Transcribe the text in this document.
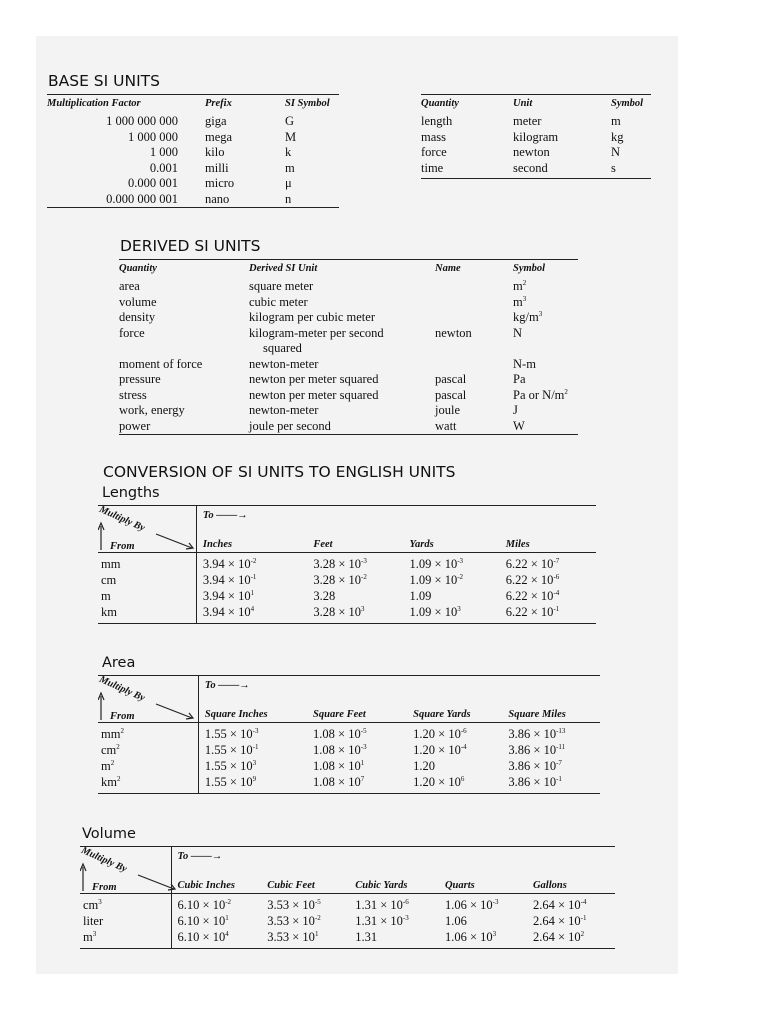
BASE SI UNITS
Multiplication Factor	Prefix	SI Symbol
1 000 000 000	giga	G
1 000 000	mega	M
1 000	kilo	k
0.001	milli	m
0.000 001	micro	μ
0.000 000 001	nano	n
Quantity	Unit	Symbol
length	meter	m
mass	kilogram	kg
force	newton	N
time	second	s
DERIVED SI UNITS
Quantity	Derived SI Unit	Name	Symbol
area	square meter		$m^2$
volume	cubic meter		$m^3$
density	kilogram per cubic meter		$kg/m^3$
force	kilogram-meter per second	newton	N
	squared		
moment of force	newton-meter		N-m
pressure	newton per meter squared	pascal	Pa
stress	newton per meter squared	pascal	Pa or $N/m^2$
work, energy	newton-meter	joule	J
power	joule per second	watt	W
CONVERSION OF SI UNITS TO ENGLISH UNITS
Lengths
Multiply By
From	To ——→			
	Inches	Feet	Yards	Miles
mm	$3.94 \times 10^{-2}$	$3.28 \times 10^{-3}$	$1.09 \times 10^{-3}$	$6.22 \times 10^{-7}$
cm	$3.94 \times 10^{-1}$	$3.28 \times 10^{-2}$	$1.09 \times 10^{-2}$	$6.22 \times 10^{-6}$
m	$3.94 \times 10^1$	3.28	1.09	$6.22 \times 10^{-4}$
km	$3.94 \times 10^4$	$3.28 \times 10^3$	$1.09 \times 10^3$	$6.22 \times 10^{-1}$
Area
Multiply By
From	To ——→			
	Square Inches	Square Feet	Square Yards	Square Miles
$mm^2$	$1.55 \times 10^{-3}$	$1.08 \times 10^{-5}$	$1.20 \times 10^{-6}$	$3.86 \times 10^{-13}$
$cm^2$	$1.55 \times 10^{-1}$	$1.08 \times 10^{-3}$	$1.20 \times 10^{-4}$	$3.86 \times 10^{-11}$
$m^2$	$1.55 \times 10^3$	$1.08 \times 10^1$	1.20	$3.86 \times 10^{-7}$
$km^2$	$1.55 \times 10^9$	$1.08 \times 10^7$	$1.20 \times 10^6$	$3.86 \times 10^{-1}$
Volume
Multiply By
From	To ——→				
	Cubic Inches	Cubic Feet	Cubic Yards	Quarts	Gallons
$cm^3$	$6.10 \times 10^{-2}$	$3.53 \times 10^{-5}$	$1.31 \times 10^{-6}$	$1.06 \times 10^{-3}$	$2.64 \times 10^{-4}$
liter	$6.10 \times 10^1$	$3.53 \times 10^{-2}$	$1.31 \times 10^{-3}$	1.06	$2.64 \times 10^{-1}$
$m^3$	$6.10 \times 10^4$	$3.53 \times 10^1$	1.31	$1.06 \times 10^3$	$2.64 \times 10^2$
